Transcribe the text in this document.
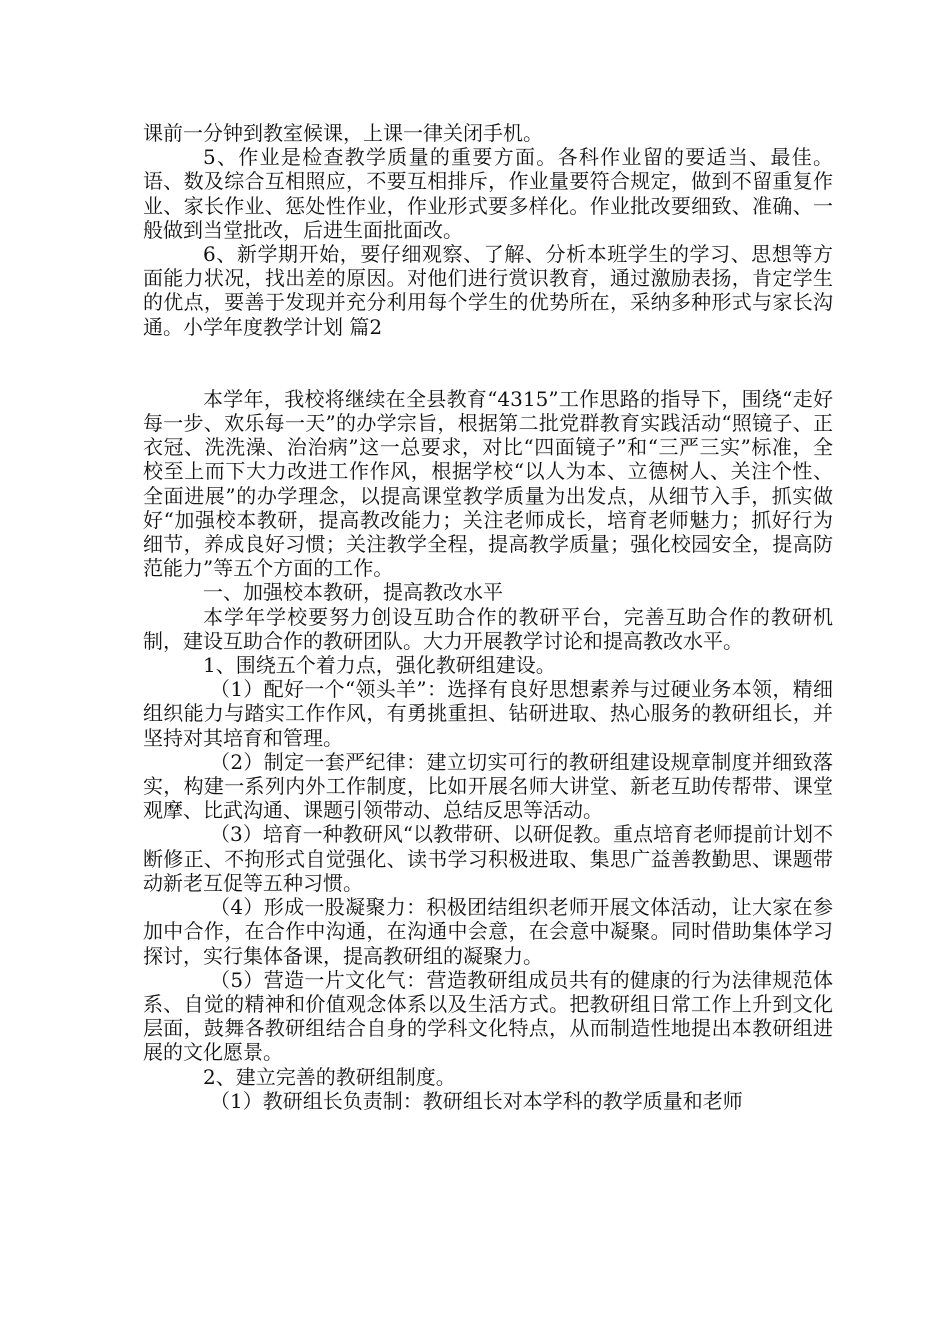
课前一分钟到教室候课，上课一律关闭手机。

5、作业是检查教学质量的重要方面。各科作业留的要适当、最佳。语、数及综合互相照应，不要互相排斥，作业量要符合规定，做到不留重复作业、家长作业、惩处性作业，作业形式要多样化。作业批改要细致、准确、一般做到当堂批改，后进生面批面改。

6、新学期开始，要仔细观察、了解、分析本班学生的学习、思想等方面能力状况，找出差的原因。对他们进行赏识教育，通过激励表扬，肯定学生的优点，要善于发现并充分利用每个学生的优势所在，采纳多种形式与家长沟通。小学年度教学计划 篇2

本学年，我校将继续在全县教育“4315”工作思路的指导下，围绕“走好每一步、欢乐每一天”的办学宗旨，根据第二批党群教育实践活动“照镜子、正衣冠、洗洗澡、治治病”这一总要求，对比“四面镜子”和“三严三实”标准，全校至上而下大力改进工作作风，根据学校“以人为本、立德树人、关注个性、全面进展”的办学理念，以提高课堂教学质量为出发点，从细节入手，抓实做好“加强校本教研，提高教改能力；关注老师成长，培育老师魅力；抓好行为细节，养成良好习惯；关注教学全程，提高教学质量；强化校园安全，提高防范能力”等五个方面的工作。

一、加强校本教研，提高教改水平

本学年学校要努力创设互助合作的教研平台，完善互助合作的教研机制，建设互助合作的教研团队。大力开展教学讨论和提高教改水平。

1、围绕五个着力点，强化教研组建设。

（1）配好一个“领头羊”：选择有良好思想素养与过硬业务本领，精细组织能力与踏实工作作风，有勇挑重担、钻研进取、热心服务的教研组长，并坚持对其培育和管理。

（2）制定一套严纪律：建立切实可行的教研组建设规章制度并细致落实，构建一系列内外工作制度，比如开展名师大讲堂、新老互助传帮带、课堂观摩、比武沟通、课题引领带动、总结反思等活动。

（3）培育一种教研风“以教带研、以研促教。重点培育老师提前计划不断修正、不拘形式自觉强化、读书学习积极进取、集思广益善教勤思、课题带动新老互促等五种习惯。

（4）形成一股凝聚力：积极团结组织老师开展文体活动，让大家在参加中合作，在合作中沟通，在沟通中会意，在会意中凝聚。同时借助集体学习探讨，实行集体备课，提高教研组的凝聚力。

（5）营造一片文化气：营造教研组成员共有的健康的行为法律规范体系、自觉的精神和价值观念体系以及生活方式。把教研组日常工作上升到文化层面，鼓舞各教研组结合自身的学科文化特点，从而制造性地提出本教研组进展的文化愿景。

2、建立完善的教研组制度。

（1）教研组长负责制：教研组长对本学科的教学质量和老师
